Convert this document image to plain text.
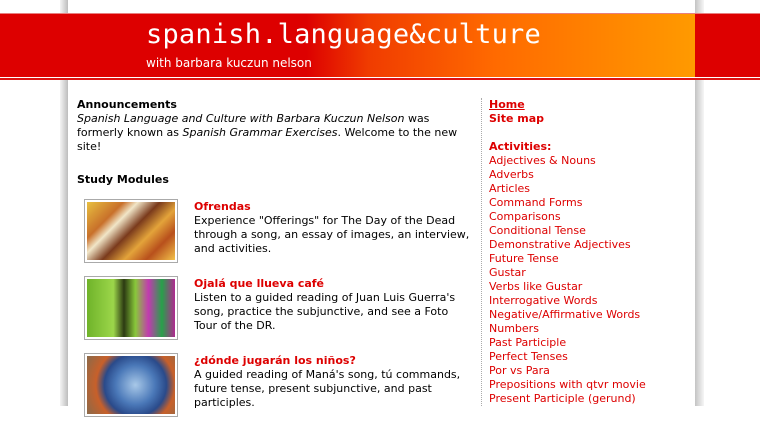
spanish.language&culture
with barbara kuczun nelson

Announcements

Spanish Language and Culture with Barbara Kuczun Nelson was formerly known as Spanish Grammar Exercises. Welcome to the new site!

Study Modules

Ofrendas
Experience "Offerings" for The Day of the Dead through a song, an essay of images, an interview, and activities.
Ojalá que llueva café
Listen to a guided reading of Juan Luis Guerra's song, practice the subjunctive, and see a Foto Tour of the DR.
¿dónde jugarán los niños?
A guided reading of Maná's song, tú commands, future tense, present subjunctive, and past participles.
Home
Site map
Activities:
Adjectives & Nouns
Adverbs
Articles
Command Forms
Comparisons
Conditional Tense
Demonstrative Adjectives
Future Tense
Gustar
Verbs like Gustar
Interrogative Words
Negative/Affirmative Words
Numbers
Past Participle
Perfect Tenses
Por vs Para
Prepositions with qtvr movie
Present Participle (gerund)
